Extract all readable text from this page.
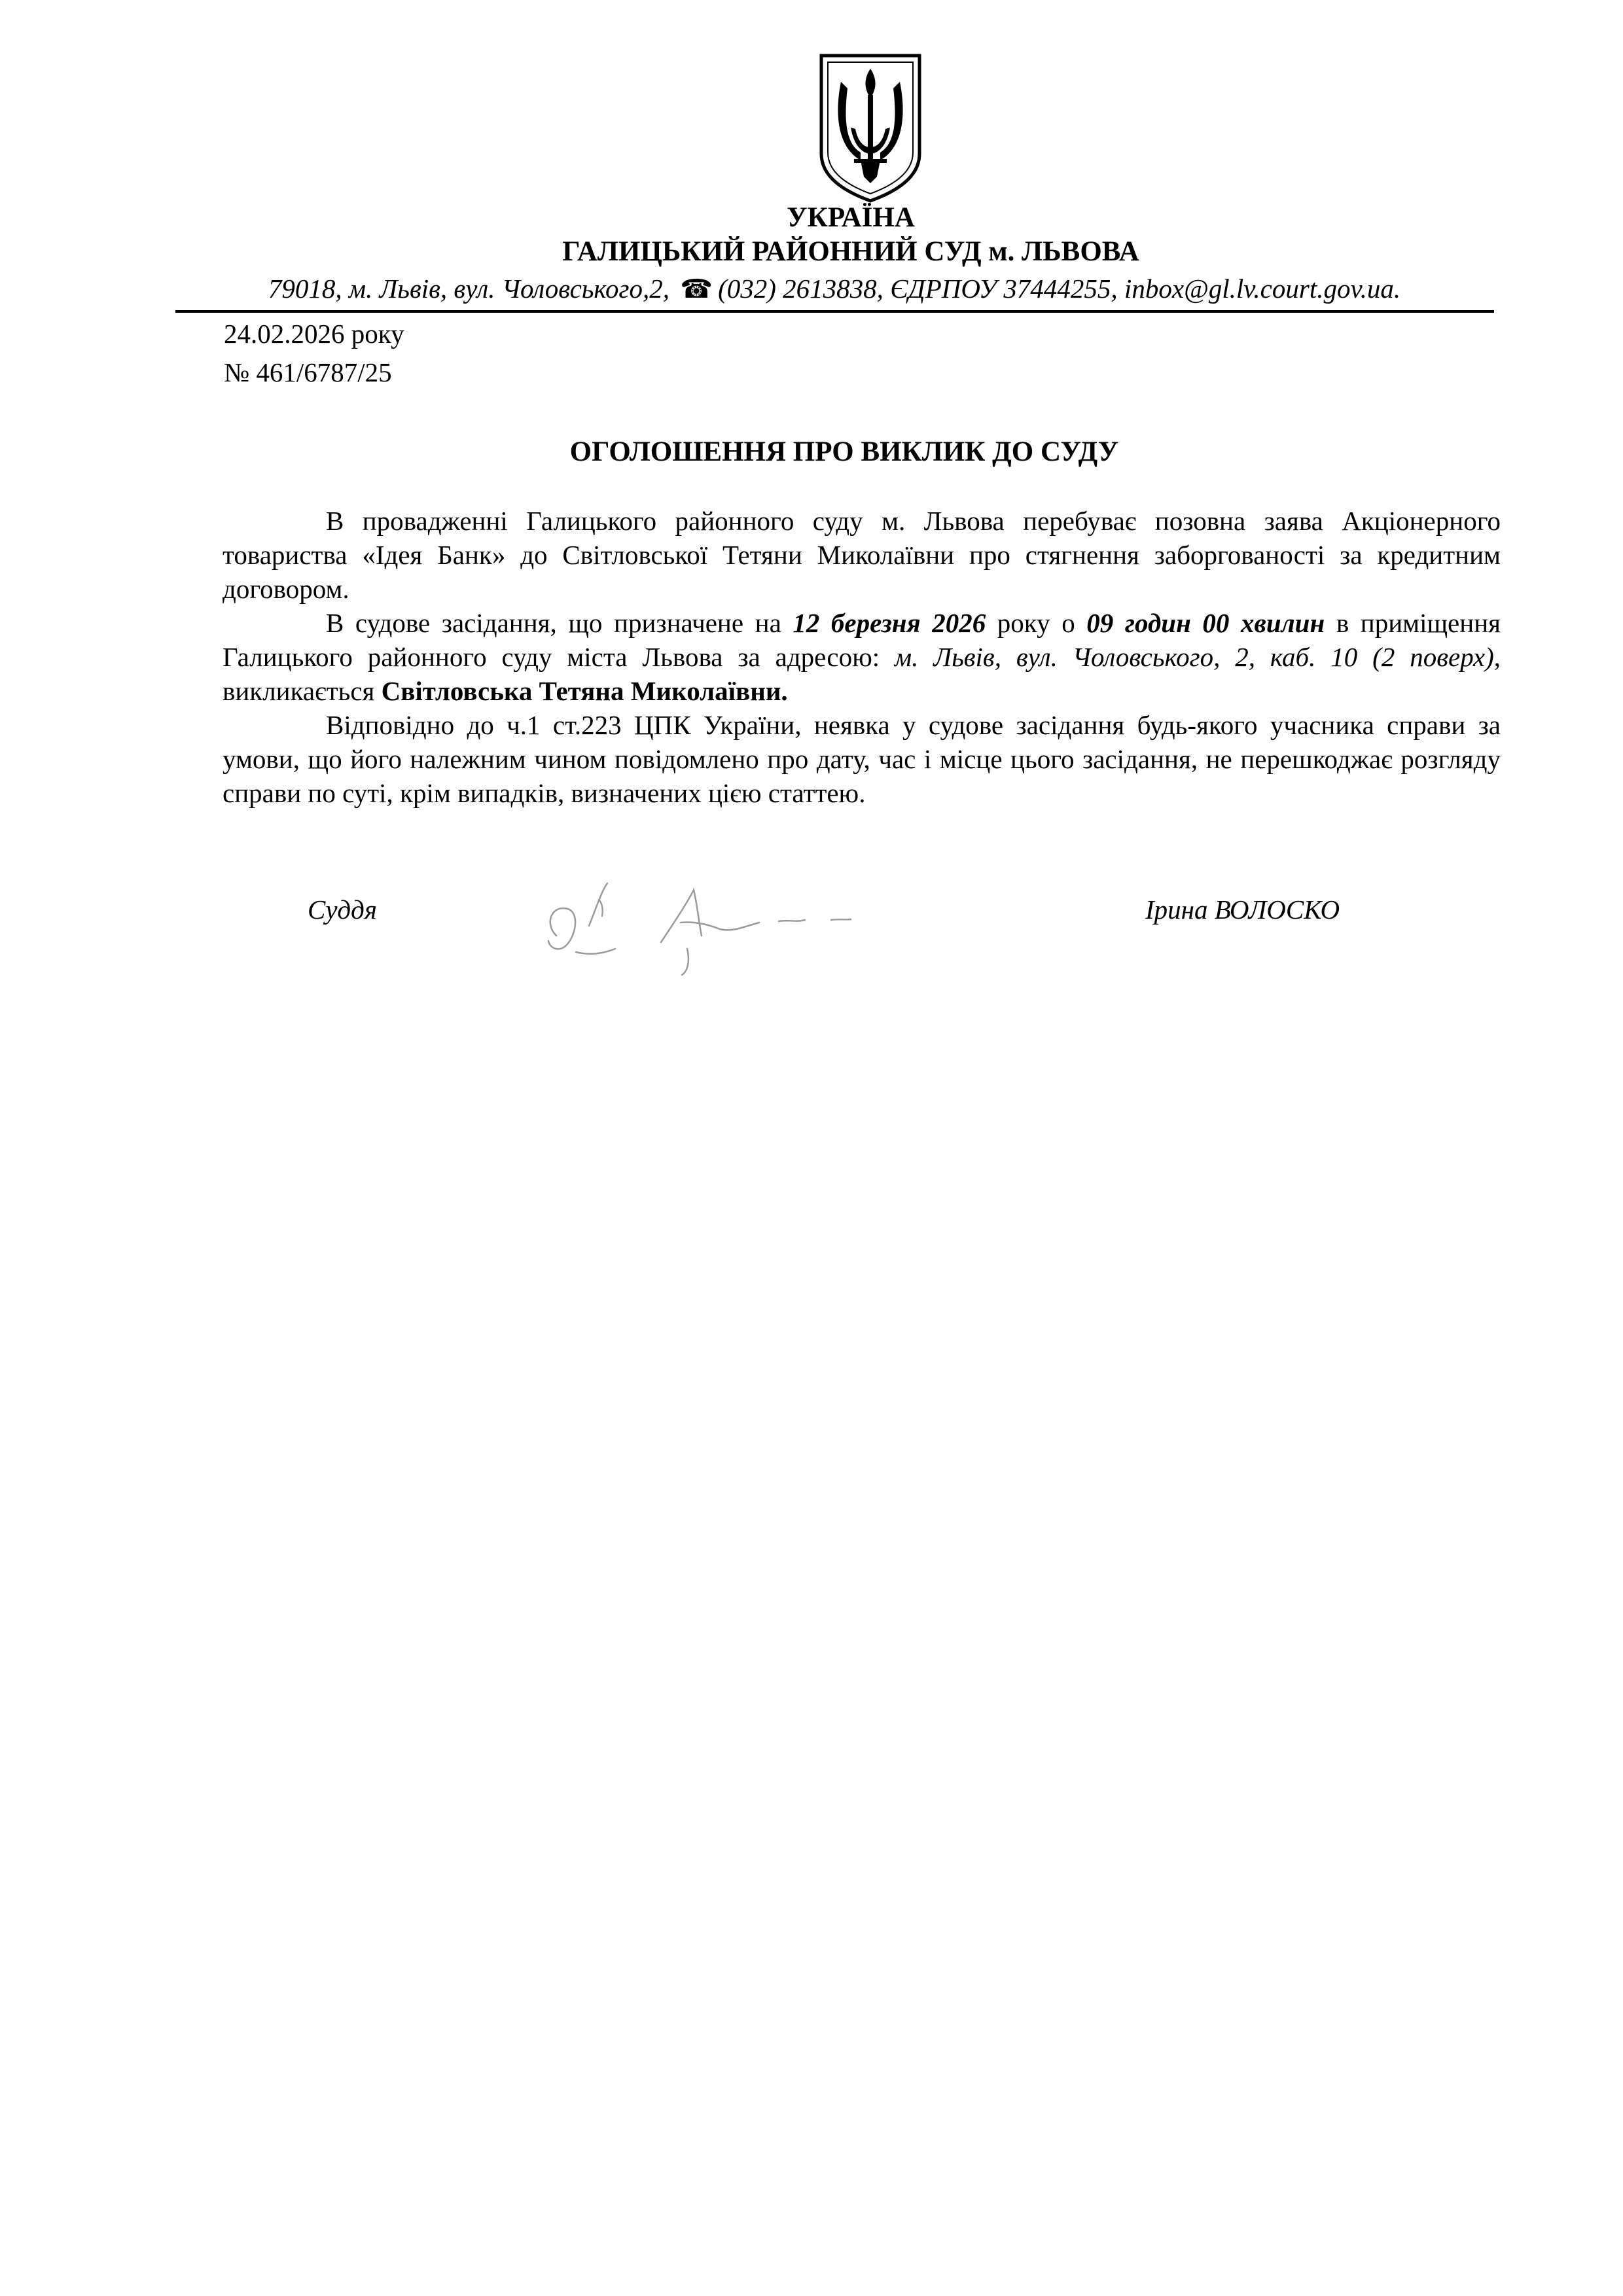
УКРАЇНА
ГАЛИЦЬКИЙ РАЙОННИЙ СУД м. ЛЬВОВА
79018, м. Львів, вул. Чоловського,2, ☎ (032) 2613838, ЄДРПОУ 37444255, inbox@gl.lv.court.gov.ua.
24.02.2026 року
№ 461/6787/25
ОГОЛОШЕННЯ ПРО ВИКЛИК ДО СУДУ

В провадженні Галицького районного суду м. Львова перебуває позовна заява Акціонерного товариства «Ідея Банк» до Світловської Тетяни Миколаївни про стягнення заборгованості за кредитним договором.

В судове засідання, що призначене на 12 березня 2026 року о 09 годин 00 хвилин в приміщення Галицького районного суду міста Львова за адресою: м. Львів, вул. Чоловського, 2, каб. 10 (2 поверх), викликається Світловська Тетяна Миколаївни.

Відповідно до ч.1 ст.223 ЦПК України, неявка у судове засідання будь-якого учасника справи за умови, що його належним чином повідомлено про дату, час і місце цього засідання, не перешкоджає розгляду справи по суті, крім випадків, визначених цією статтею.

Суддя	Ірина ВОЛОСКО
